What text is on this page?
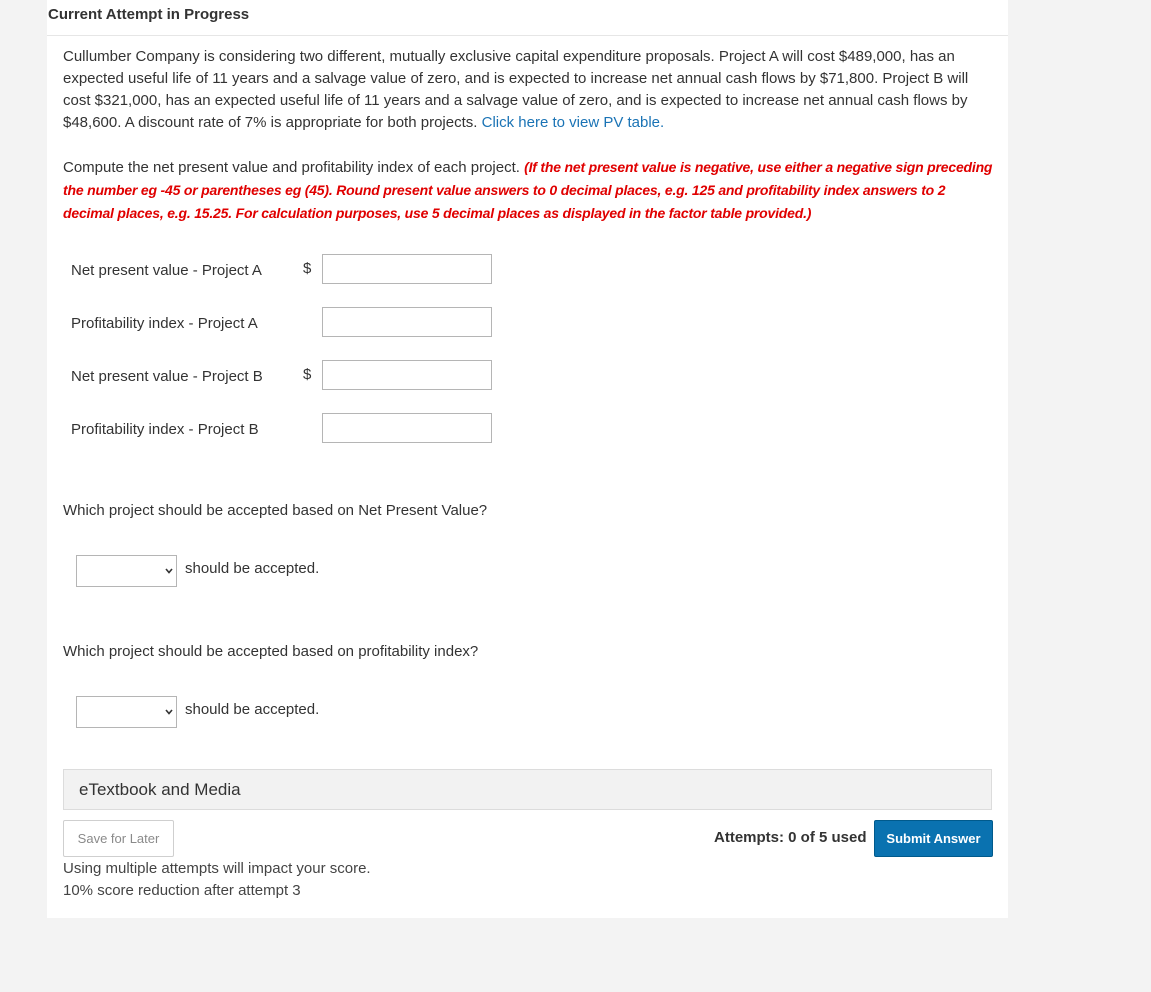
Current Attempt in Progress
Cullumber Company is considering two different, mutually exclusive capital expenditure proposals. Project A will cost $489,000, has an expected useful life of 11 years and a salvage value of zero, and is expected to increase net annual cash flows by $71,800. Project B will cost $321,000, has an expected useful life of 11 years and a salvage value of zero, and is expected to increase net annual cash flows by $48,600. A discount rate of 7% is appropriate for both projects. Click here to view PV table.
Compute the net present value and profitability index of each project. (If the net present value is negative, use either a negative sign preceding the number eg -45 or parentheses eg (45). Round present value answers to 0 decimal places, e.g. 125 and profitability index answers to 2 decimal places, e.g. 15.25. For calculation purposes, use 5 decimal places as displayed in the factor table provided.)
Net present value - Project A	$
Profitability index - Project A
Net present value - Project B	$
Profitability index - Project B
Which project should be accepted based on Net Present Value?
should be accepted.
Which project should be accepted based on profitability index?
should be accepted.
eTextbook and Media
Save for Later	Attempts: 0 of 5 used	Submit Answer
Using multiple attempts will impact your score.
10% score reduction after attempt 3
